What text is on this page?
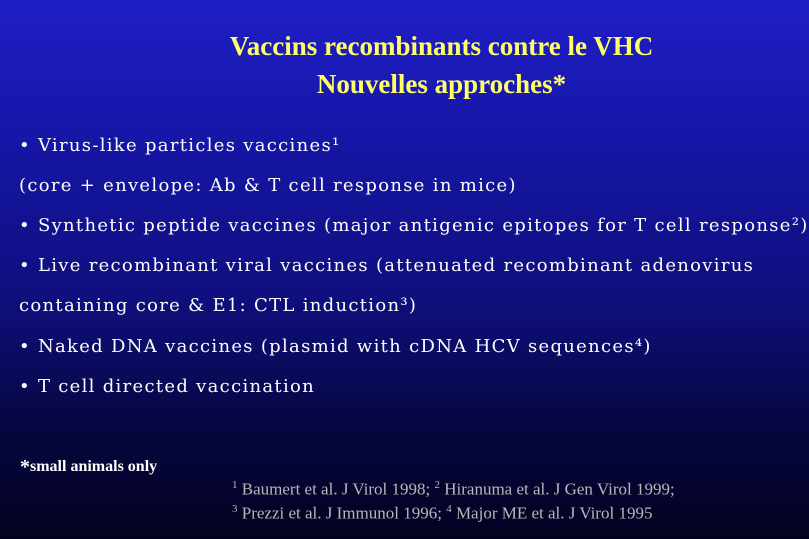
Vaccins recombinants contre le VHC
Nouvelles approches*
• Virus-like particles vaccines¹
(core + envelope: Ab & T cell response in mice)
• Synthetic peptide vaccines (major antigenic epitopes for T cell response²)
• Live recombinant viral vaccines (attenuated recombinant adenovirus
containing core & E1: CTL induction³)
• Naked DNA vaccines (plasmid with cDNA HCV sequences⁴)
• T cell directed vaccination
*small animals only
$^1$ Baumert et al. J Virol 1998; $^2$ Hiranuma et al. J Gen Virol 1999;
$^3$ Prezzi et al. J Immunol 1996; $^4$ Major ME et al. J Virol 1995
